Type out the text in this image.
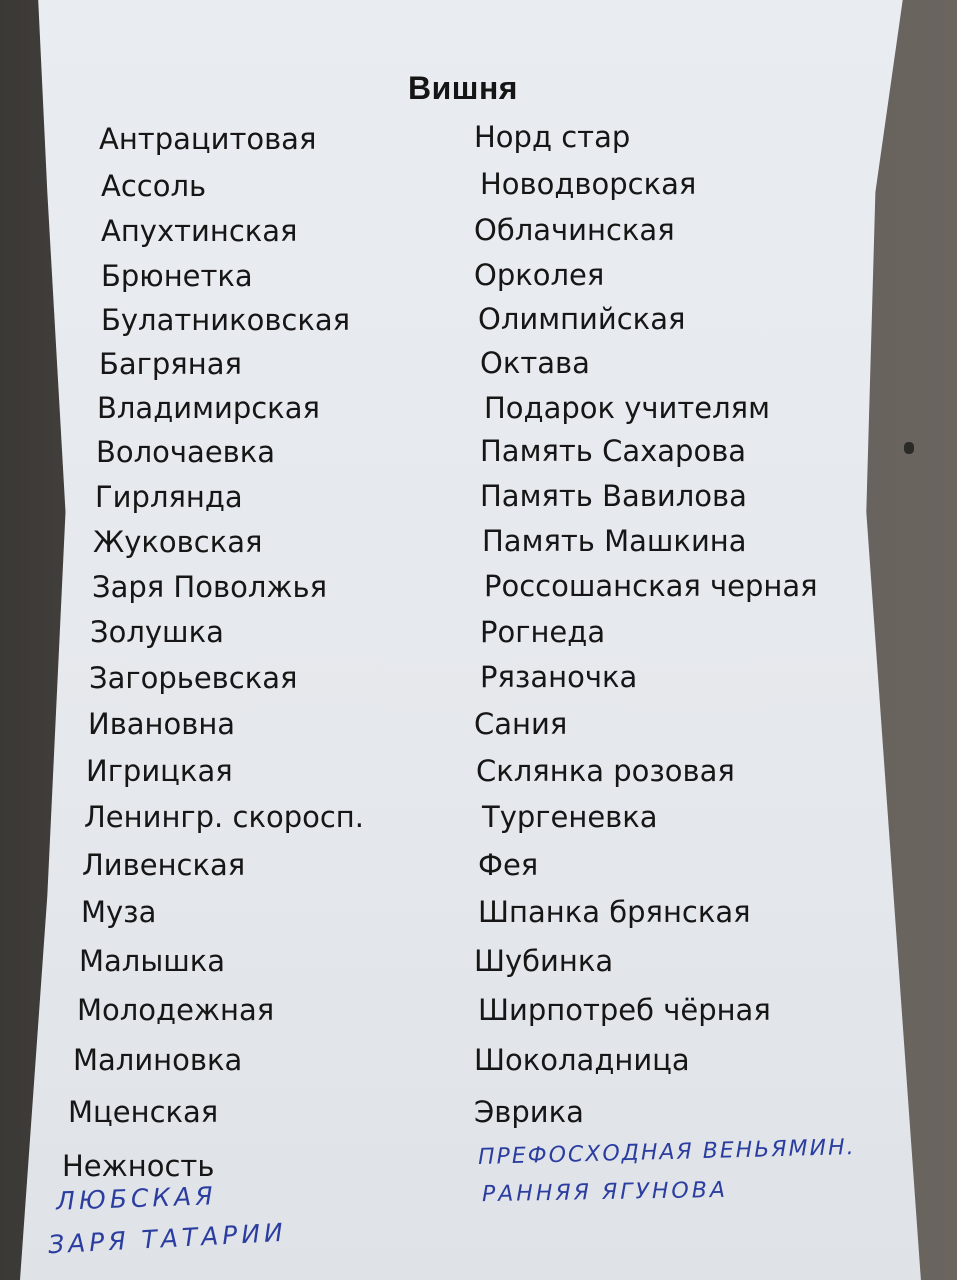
Вишня
Антрацитовая
Ассоль
Апухтинская
Брюнетка
Булатниковская
Багряная
Владимирская
Волочаевка
Гирлянда
Жуковская
Заря Поволжья
Золушка
Загорьевская
Ивановна
Игрицкая
Ленингр. скоросп.
Ливенская
Муза
Малышка
Молодежная
Малиновка
Мценская
Нежность
Норд стар
Новодворская
Облачинская
Орколея
Олимпийская
Октава
Подарок учителям
Память Сахарова
Память Вавилова
Память Машкина
Россошанская черная
Рогнеда
Рязаночка
Сания
Склянка розовая
Тургеневка
Фея
Шпанка брянская
Шубинка
Ширпотреб чёрная
Шоколадница
Эврика
ЛЮБСКАЯ
ЗАРЯ ТАТАРИИ
ПРЕФОСХОДНАЯ ВЕНЬЯМИН.
РАННЯЯ ЯГУНОВА
